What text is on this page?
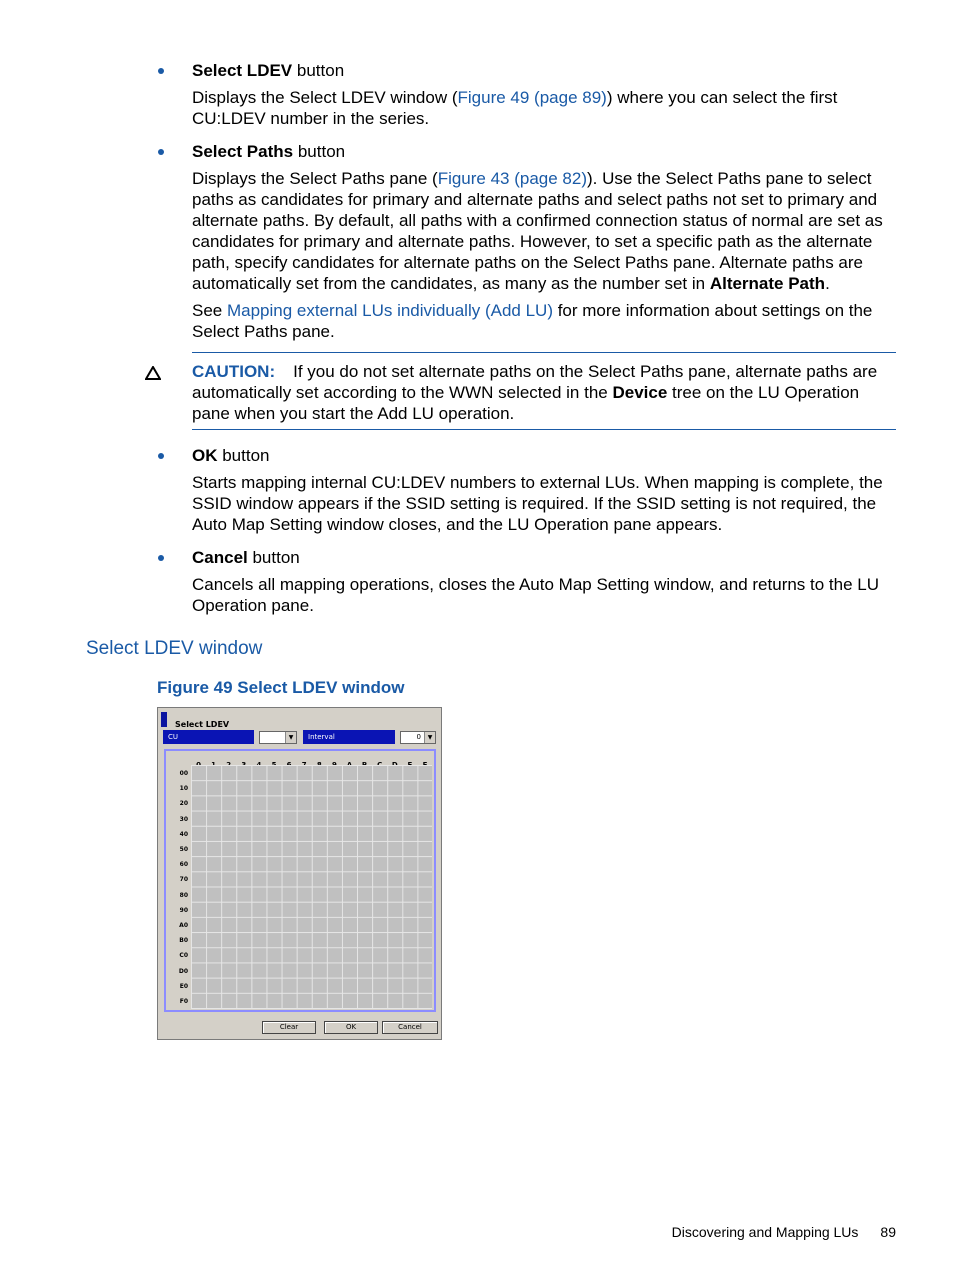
Select LDEV button
Displays the Select LDEV window (Figure 49 (page 89)) where you can select the first CU:LDEV number in the series.
Select Paths button
Displays the Select Paths pane (Figure 43 (page 82)). Use the Select Paths pane to select paths as candidates for primary and alternate paths and select paths not set to primary and alternate paths. By default, all paths with a confirmed connection status of normal are set as candidates for primary and alternate paths. However, to set a specific path as the alternate path, specify candidates for alternate paths on the Select Paths pane. Alternate paths are automatically set from the candidates, as many as the number set in Alternate Path.
See Mapping external LUs individually (Add LU) for more information about settings on the Select Paths pane.
CAUTION: If you do not set alternate paths on the Select Paths pane, alternate paths are automatically set according to the WWN selected in the Device tree on the LU Operation pane when you start the Add LU operation.
OK button
Starts mapping internal CU:LDEV numbers to external LUs. When mapping is complete, the SSID window appears if the SSID setting is required. If the SSID setting is not required, the Auto Map Setting window closes, and the LU Operation pane appears.
Cancel button
Cancels all mapping operations, closes the Auto Map Setting window, and returns to the LU Operation pane.
Select LDEV window
Figure 49 Select LDEV window
Select LDEV
CU	▼	Interval	0	▼
00
10
20
30
40
50
60
70
80
90
A0
B0
C0
D0
E0
F0
Clear	OK	Cancel
Discovering and Mapping LUs 89
